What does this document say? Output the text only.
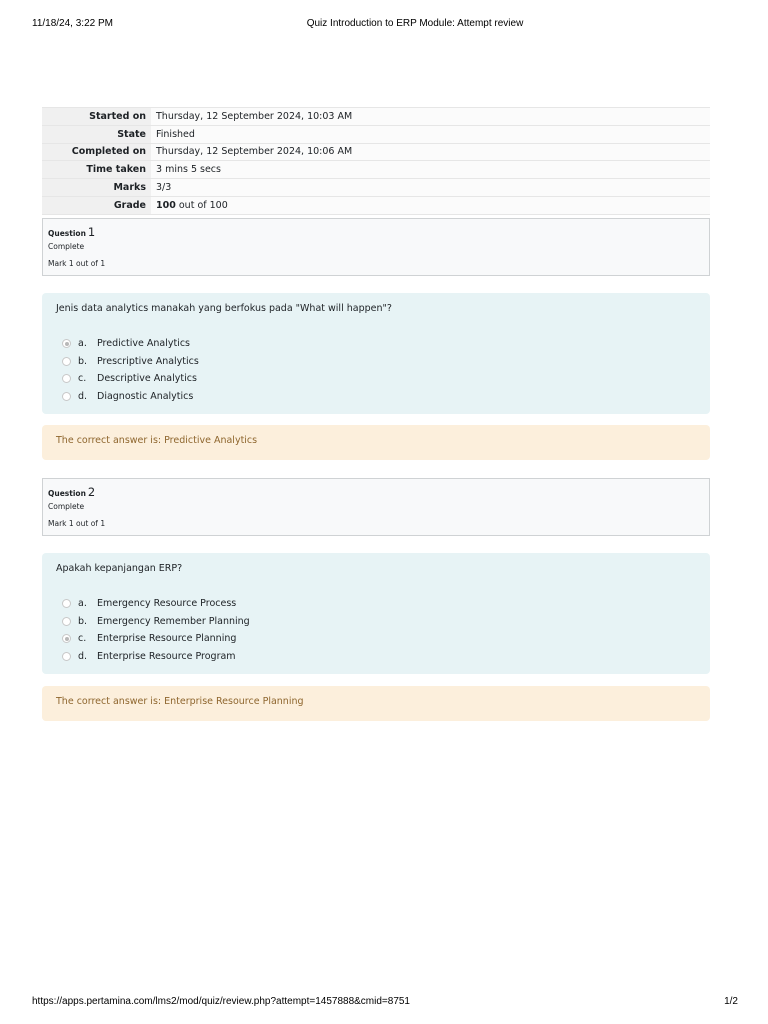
11/18/24, 3:22 PM	Quiz Introduction to ERP Module: Attempt review
Started on	Thursday, 12 September 2024, 10:03 AM
State	Finished
Completed on	Thursday, 12 September 2024, 10:06 AM
Time taken	3 mins 5 secs
Marks	3/3
Grade	100 out of 100
Question 1
Complete
Mark 1 out of 1
Jenis data analytics manakah yang berfokus pada "What will happen"?
a.	Predictive Analytics
b.	Prescriptive Analytics
c.	Descriptive Analytics
d.	Diagnostic Analytics
The correct answer is: Predictive Analytics
Question 2
Complete
Mark 1 out of 1
Apakah kepanjangan ERP?
a.	Emergency Resource Process
b.	Emergency Remember Planning
c.	Enterprise Resource Planning
d.	Enterprise Resource Program
The correct answer is: Enterprise Resource Planning
https://apps.pertamina.com/lms2/mod/quiz/review.php?attempt=1457888&cmid=8751	1/2
